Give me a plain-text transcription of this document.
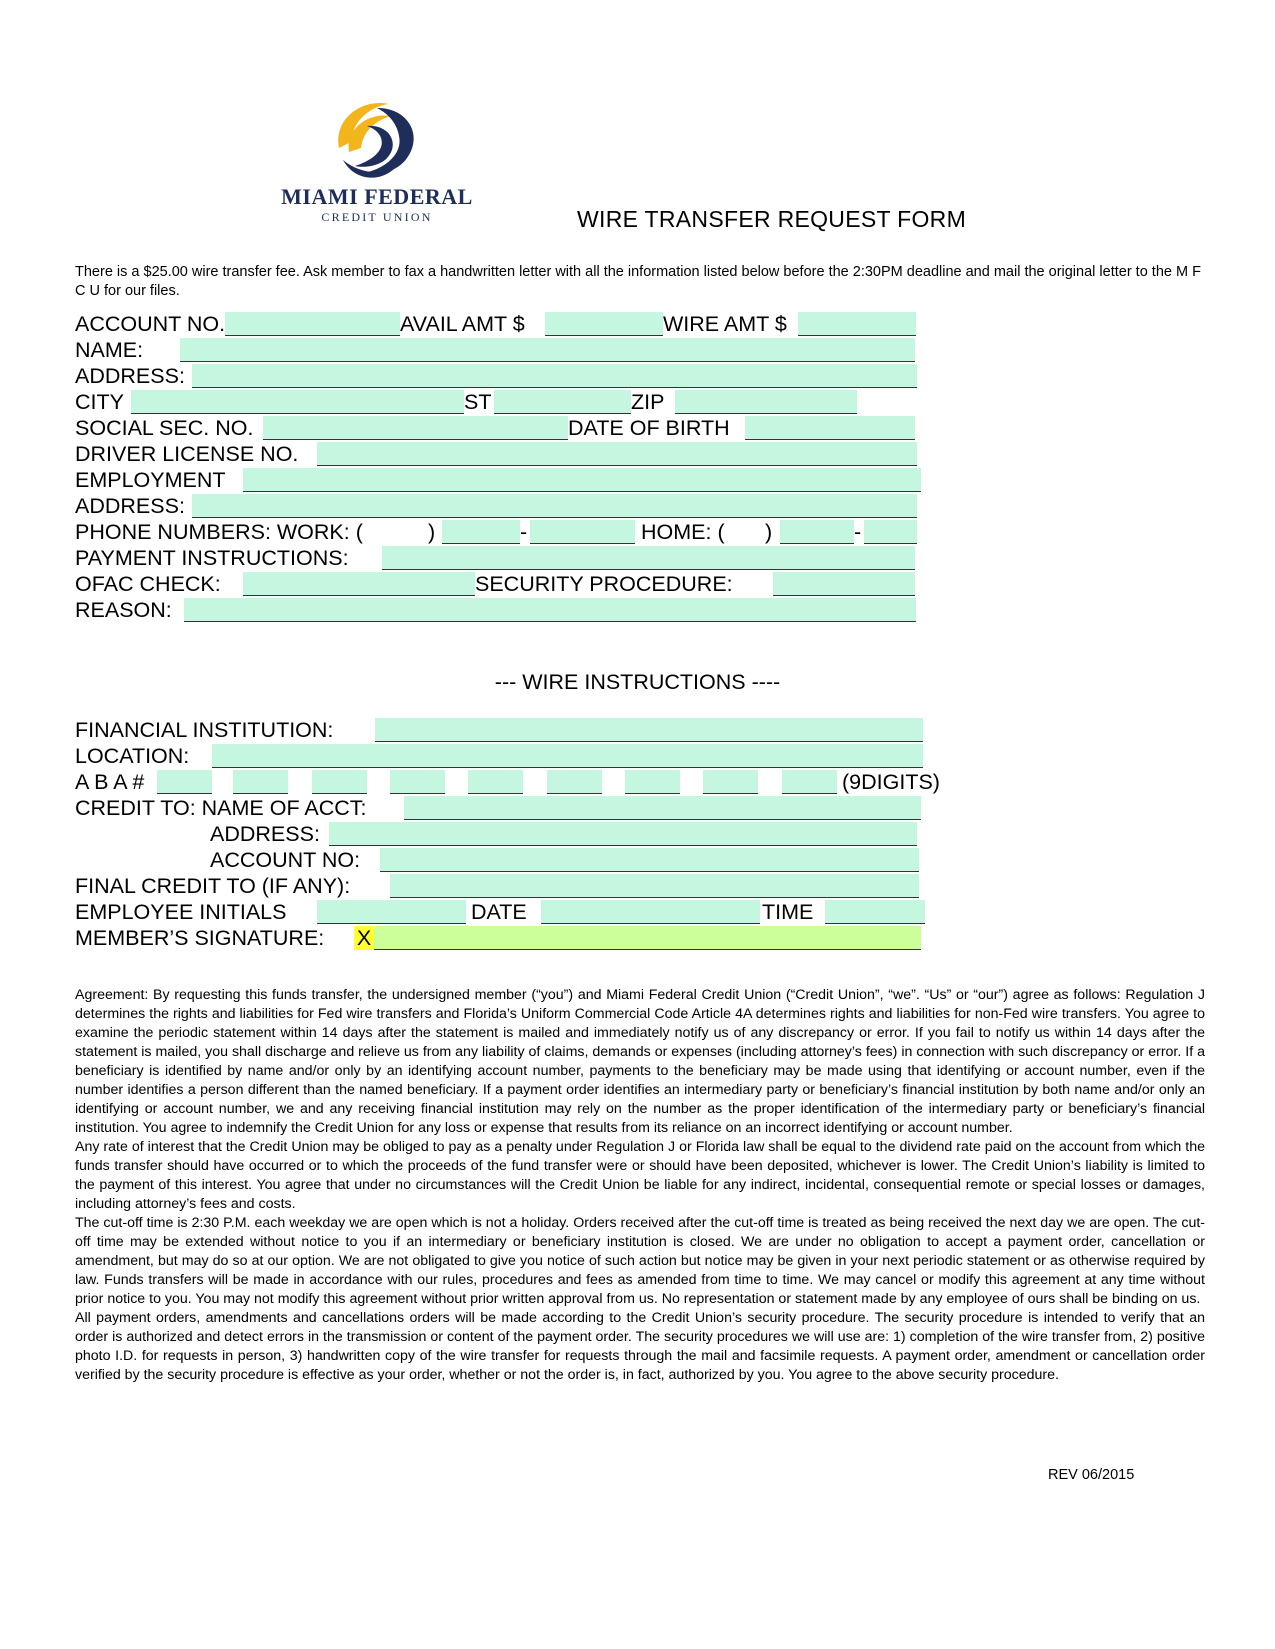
MIAMI FEDERAL
CREDIT UNION	WIRE TRANSFER REQUEST FORM
There is a $25.00 wire transfer fee. Ask member to fax a handwritten letter with all the information listed below before the 2:30PM deadline and mail the original letter to the M F C U for our files.
ACCOUNT NO.	AVAIL AMT $	WIRE AMT $
NAME:
ADDRESS:
CITY	ST	ZIP
SOCIAL SEC. NO.	DATE OF BIRTH
DRIVER LICENSE NO.
EMPLOYMENT
ADDRESS:
PHONE NUMBERS: WORK: (	)	-	HOME: ( )	-
PAYMENT INSTRUCTIONS:
OFAC CHECK:	SECURITY PROCEDURE:
REASON:
--- WIRE INSTRUCTIONS ----
FINANCIAL INSTITUTION:
LOCATION:
A B A #	(9DIGITS)
CREDIT TO: NAME OF ACCT:
ADDRESS:
ACCOUNT NO:
FINAL CREDIT TO (IF ANY):
EMPLOYEE INITIALS	DATE	TIME
MEMBER’S SIGNATURE: X

Agreement: By requesting this funds transfer, the undersigned member (“you”) and Miami Federal Credit Union (“Credit Union”, “we”. “Us” or “our”) agree as follows: Regulation J determines the rights and liabilities for Fed wire transfers and Florida’s Uniform Commercial Code Article 4A determines rights and liabilities for non-Fed wire transfers. You agree to examine the periodic statement within 14 days after the statement is mailed and immediately notify us of any discrepancy or error. If you fail to notify us within 14 days after the statement is mailed, you shall discharge and relieve us from any liability of claims, demands or expenses (including attorney’s fees) in connection with such discrepancy or error. If a beneficiary is identified by name and/or only by an identifying account number, payments to the beneficiary may be made using that identifying or account number, even if the number identifies a person different than the named beneficiary. If a payment order identifies an intermediary party or beneficiary’s financial institution by both name and/or only an identifying or account number, we and any receiving financial institution may rely on the number as the proper identification of the intermediary party or beneficiary’s financial institution. You agree to indemnify the Credit Union for any loss or expense that results from its reliance on an incorrect identifying or account number.

Any rate of interest that the Credit Union may be obliged to pay as a penalty under Regulation J or Florida law shall be equal to the dividend rate paid on the account from which the funds transfer should have occurred or to which the proceeds of the fund transfer were or should have been deposited, whichever is lower. The Credit Union’s liability is limited to the payment of this interest. You agree that under no circumstances will the Credit Union be liable for any indirect, incidental, consequential remote or special losses or damages, including attorney’s fees and costs.

The cut-off time is 2:30 P.M. each weekday we are open which is not a holiday. Orders received after the cut-off time is treated as being received the next day we are open. The cut-off time may be extended without notice to you if an intermediary or beneficiary institution is closed. We are under no obligation to accept a payment order, cancellation or amendment, but may do so at our option. We are not obligated to give you notice of such action but notice may be given in your next periodic statement or as otherwise required by law. Funds transfers will be made in accordance with our rules, procedures and fees as amended from time to time. We may cancel or modify this agreement at any time without prior notice to you. You may not modify this agreement without prior written approval from us. No representation or statement made by any employee of ours shall be binding on us.

All payment orders, amendments and cancellations orders will be made according to the Credit Union’s security procedure. The security procedure is intended to verify that an order is authorized and detect errors in the transmission or content of the payment order. The security procedures we will use are: 1) completion of the wire transfer from, 2) positive photo I.D. for requests in person, 3) handwritten copy of the wire transfer for requests through the mail and facsimile requests. A payment order, amendment or cancellation order verified by the security procedure is effective as your order, whether or not the order is, in fact, authorized by you. You agree to the above security procedure.

REV 06/2015
